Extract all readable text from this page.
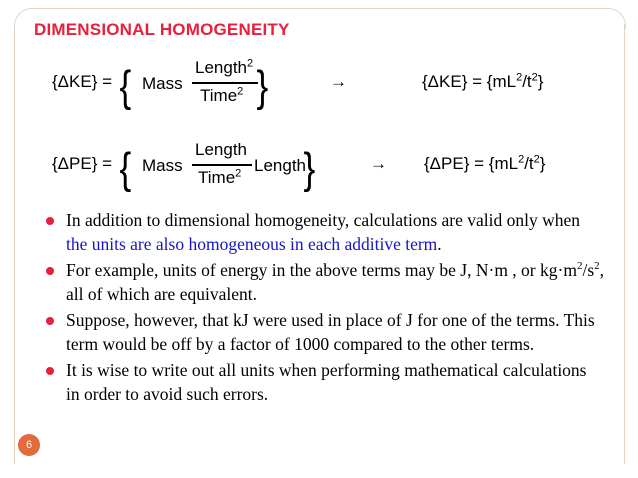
DIMENSIONAL HOMOGENEITY
{ΔKE} = { Mass
Length$^2$
Time$^2$ }	→	$\{\Delta KE\} = \{mL^2/t^2\}$
{ΔPE} = { Mass
Length
Time$^2$ Length
}	→ $\{\Delta PE\} = \{mL^2/t^2\}$
In addition to dimensional homogeneity, calculations are valid only when the units are also homogeneous in each additive term.
For example, units of energy in the above terms may be J, N·m , or $kg\cdot m^2/s^2$, all of which are equivalent.
Suppose, however, that kJ were used in place of J for one of the terms. This term would be off by a factor of 1000 compared to the other terms.
It is wise to write out all units when performing mathematical calculations in order to avoid such errors.
6
